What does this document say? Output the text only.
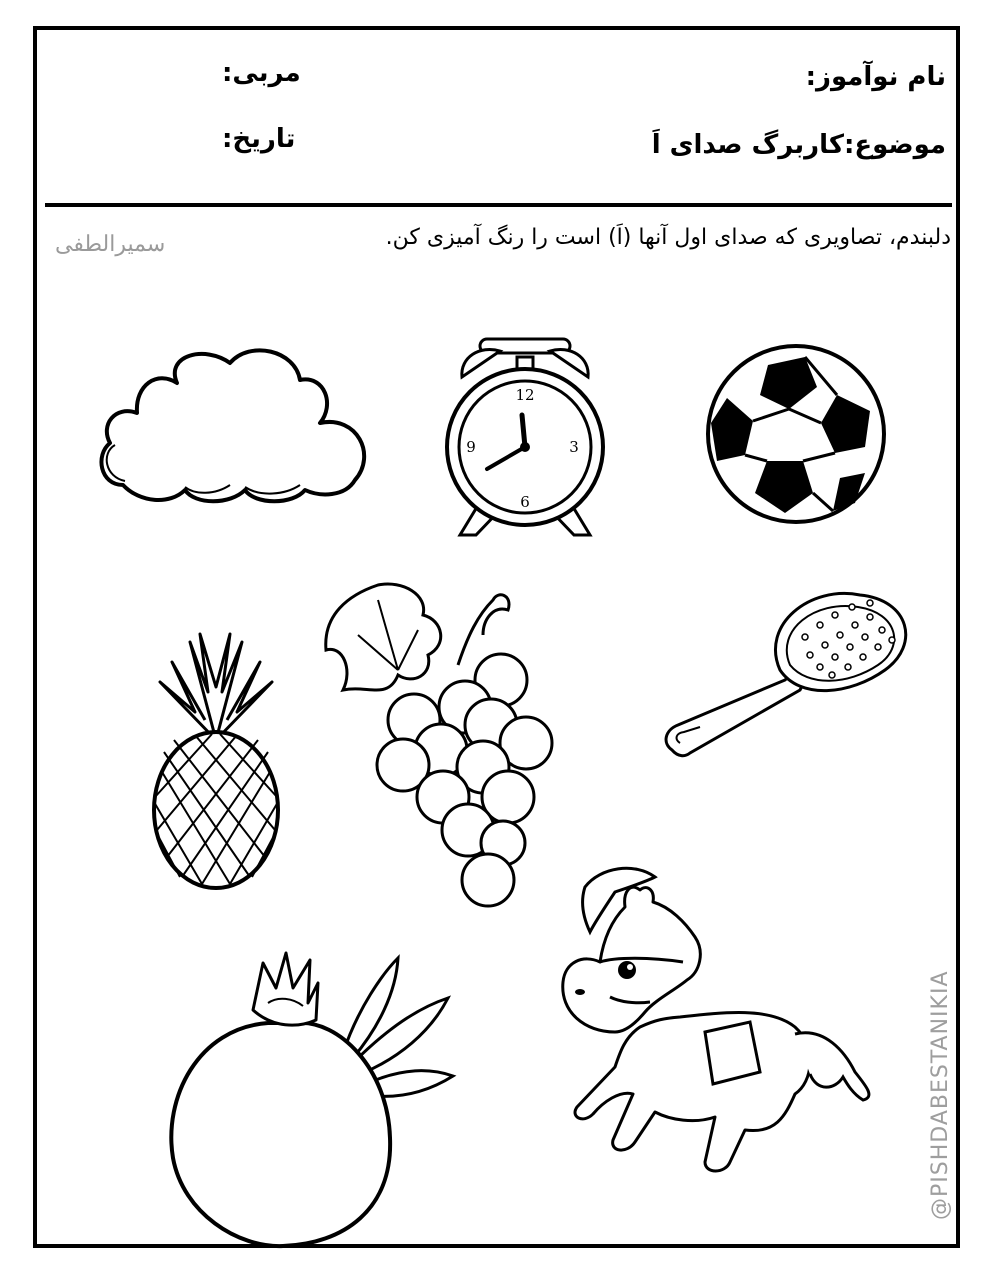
نام نوآموز:
مربی:
موضوع:کاربرگ صدای اَ
تاریخ:
دلبندم، تصاویری که صدای اول آنها (اَ) است را رنگ آمیزی کن.
سمیرالطفی
12
3
6
9
@PISHDABESTANIKIA
